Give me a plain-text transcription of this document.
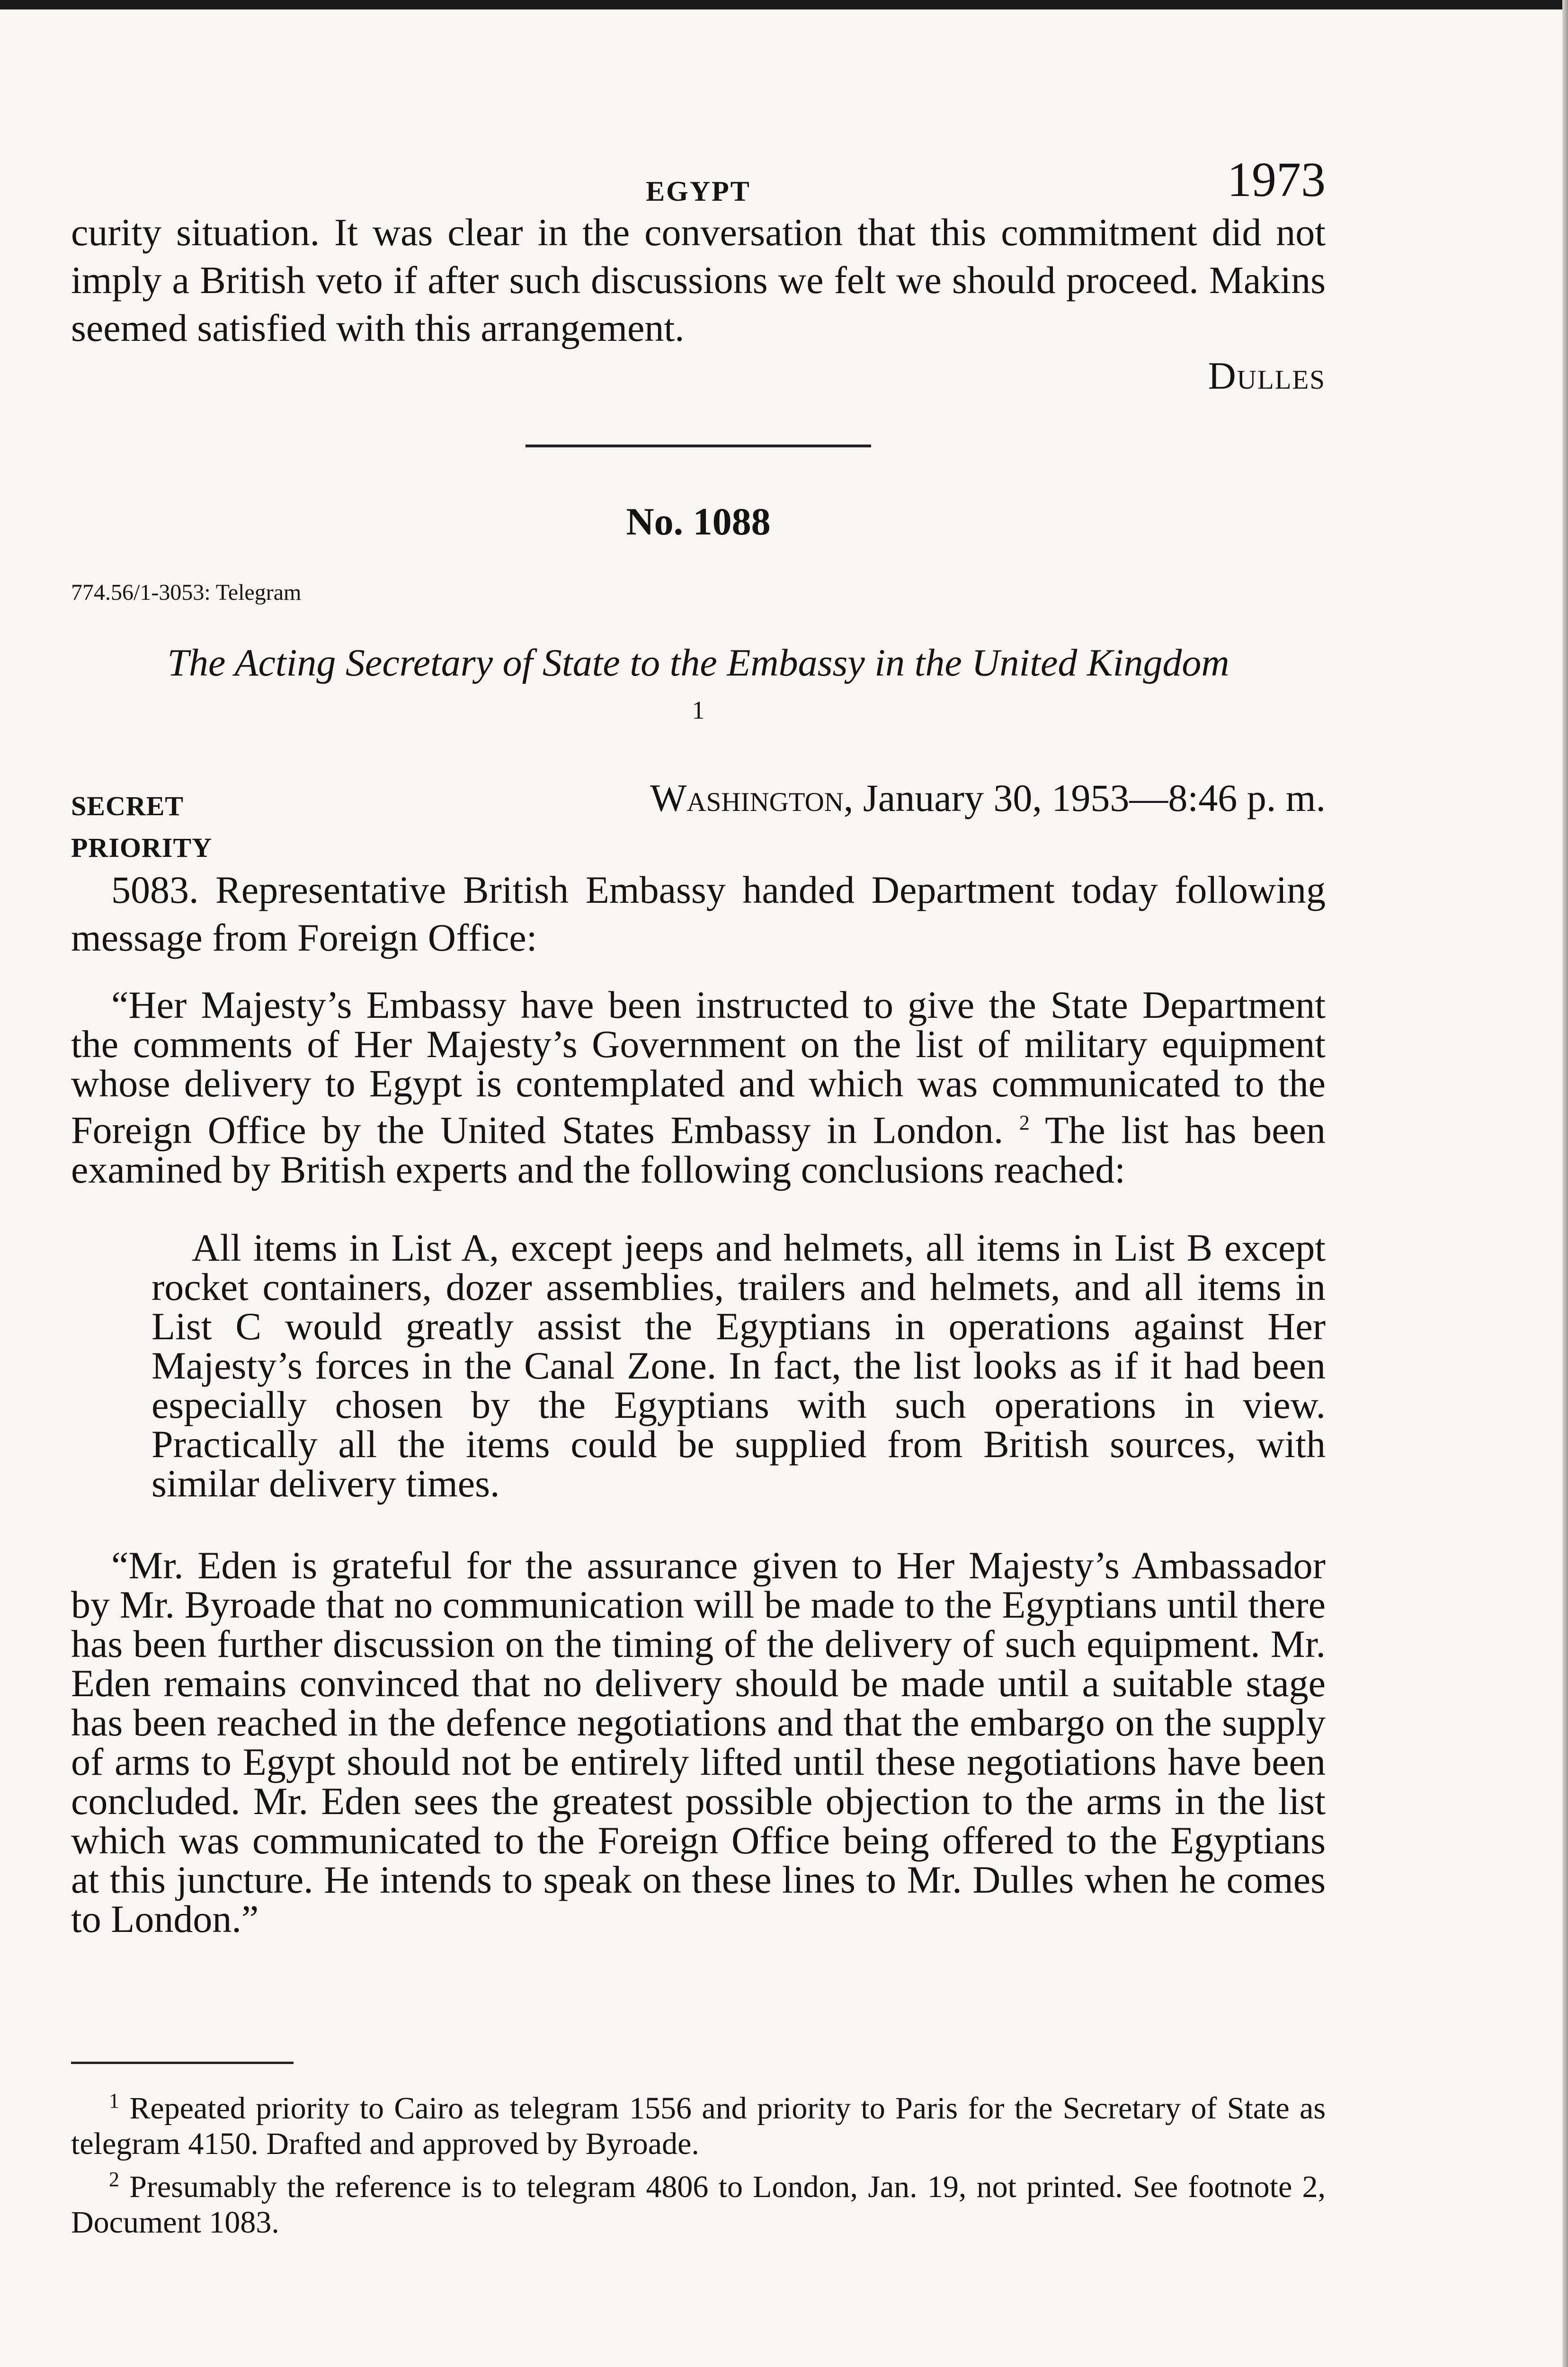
EGYPT	1973

curity situation. It was clear in the conversation that this commitment did not imply a British veto if after such discussions we felt we should proceed. Makins seemed satisfied with this arrangement.

Dulles
No. 1088
774.56/1-3053: Telegram
The Acting Secretary of State to the Embassy in the United Kingdom $^1$
SECRET
PRIORITY
Washington, January 30, 1953—8:46 p. m.

5083. Representative British Embassy handed Department today following message from Foreign Office:

“Her Majesty’s Embassy have been instructed to give the State Department the comments of Her Majesty’s Government on the list of military equipment whose delivery to Egypt is contemplated and which was communicated to the Foreign Office by the United States Embassy in London. $^2$ The list has been examined by British experts and the following conclusions reached:

All items in List A, except jeeps and helmets, all items in List B except rocket containers, dozer assemblies, trailers and helmets, and all items in List C would greatly assist the Egyptians in operations against Her Majesty’s forces in the Canal Zone. In fact, the list looks as if it had been especially chosen by the Egyptians with such operations in view. Practically all the items could be supplied from British sources, with similar delivery times.

“Mr. Eden is grateful for the assurance given to Her Majesty’s Ambassador by Mr. Byroade that no communication will be made to the Egyptians until there has been further discussion on the timing of the delivery of such equipment. Mr. Eden remains convinced that no delivery should be made until a suitable stage has been reached in the defence negotiations and that the embargo on the supply of arms to Egypt should not be entirely lifted until these negotiations have been concluded. Mr. Eden sees the greatest possible objection to the arms in the list which was communicated to the Foreign Office being offered to the Egyptians at this juncture. He intends to speak on these lines to Mr. Dulles when he comes to London.”

$^1$ Repeated priority to Cairo as telegram 1556 and priority to Paris for the Secretary of State as telegram 4150. Drafted and approved by Byroade.

$^2$ Presumably the reference is to telegram 4806 to London, Jan. 19, not printed. See footnote 2, Document 1083.
